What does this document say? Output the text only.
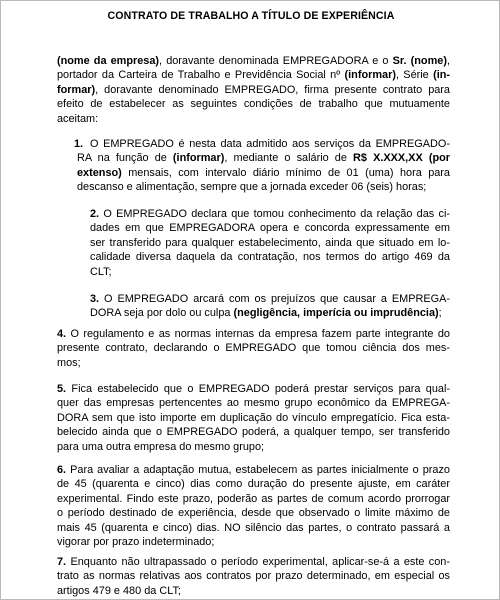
CONTRATO DE TRABALHO A TÍTULO DE EXPERIÊNCIA
(nome da empresa), doravante denominada EMPREGADORA e o Sr. (nome),
portador da Carteira de Trabalho e Previdência Social nº (informar), Série (in-
formar), doravante denominado EMPREGADO, firma presente contrato para
efeito de estabelecer as seguintes condições de trabalho que mutuamente
aceitam:
1. O EMPREGADO é nesta data admitido aos serviços da EMPREGADO-
RA na função de (informar), mediante o salário de R$ X.XXX,XX (por
extenso) mensais, com intervalo diário mínimo de 01 (uma) hora para
descanso e alimentação, sempre que a jornada exceder 06 (seis) horas;
2. O EMPREGADO declara que tomou conhecimento da relação das ci-
dades em que EMPREGADORA opera e concorda expressamente em
ser transferido para qualquer estabelecimento, ainda que situado em lo-
calidade diversa daquela da contratação, nos termos do artigo 469 da
CLT;
3. O EMPREGADO arcará com os prejuízos que causar a EMPREGA-
DORA seja por dolo ou culpa (negligência, imperícia ou imprudência);
4. O regulamento e as normas internas da empresa fazem parte integrante do
presente contrato, declarando o EMPREGADO que tomou ciência dos mes-
mos;
5. Fica estabelecido que o EMPREGADO poderá prestar serviços para qual-
quer das empresas pertencentes ao mesmo grupo econômico da EMPREGA-
DORA sem que isto importe em duplicação do vínculo empregatício. Fica esta-
belecido ainda que o EMPREGADO poderá, a qualquer tempo, ser transferido
para uma outra empresa do mesmo grupo;
6. Para avaliar a adaptação mutua, estabelecem as partes inicialmente o prazo
de 45 (quarenta e cinco) dias como duração do presente ajuste, em caráter
experimental. Findo este prazo, poderão as partes de comum acordo prorrogar
o período destinado de experiência, desde que observado o limite máximo de
mais 45 (quarenta e cinco) dias. NO silêncio das partes, o contrato passará a
vigorar por prazo indeterminado;
7. Enquanto não ultrapassado o período experimental, aplicar-se-á a este con-
trato as normas relativas aos contratos por prazo determinado, em especial os
artigos 479 e 480 da CLT;
